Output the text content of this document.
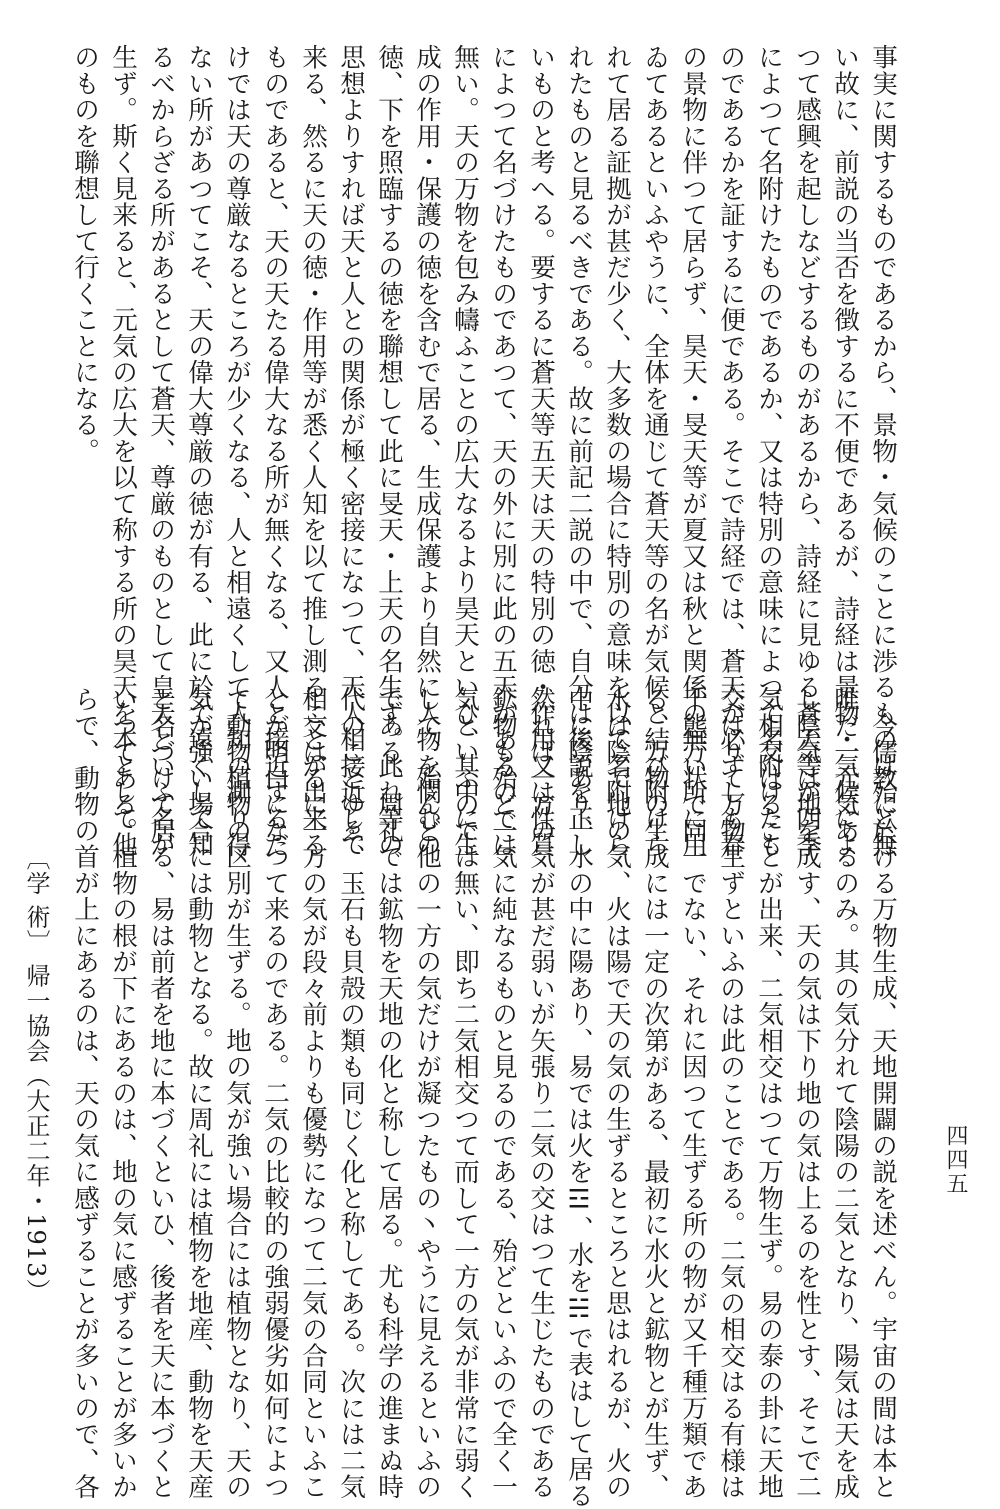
事実に関するものであるから、景物・気候のことに渉るものは殆ど無
い故に、前説の当否を徴するに不便であるが、詩経は景物・気候によ
つて感興を起しなどするものがあるから、詩経に見ゆる蒼天等が四季
によつて名附けたものであるか、又は特別の意味によつて名附けたも
のであるかを証するに便である。そこで詩経では、蒼天が必ずしも春
の景物に伴つて居らず、昊天・旻天等が夏又は秋と関係の無い所に用
ゐてあるといふやうに、全体を通じて蒼天等の名が気候と結び附けら
れて居る証拠が甚だ少く、大多数の場合に特別の意味を以て名附けら
れたものと見るべきである。故に前記二説の中で、自分は後説を正し
いものと考へる。要するに蒼天等五天は天の特別の徳・作用又は性質
によつて名づけたものであつて、天の外に別に此の五天があるのでは
無い。天の万物を包み幬ふことの広大なるより昊天といひ、其中に生
成の作用・保護の徳を含むで居る、生成保護より自然に人物を憫むの
徳、下を照臨するの徳を聯想して此に旻天・上天の名生ず。此れ等の
思想よりすれば天と人との関係が極く密接になつて、天人相接近して
来る、然るに天の徳・作用等が悉く人知を以て推し測ることが出来る
ものであると、天の天たる偉大なる所が無くなる、又人と接近するだ
けでは天の尊厳なるところが少くなる、人と相遠くして人知の測り得
ない所があつてこそ、天の偉大尊厳の徳が有る、此に於て遠くして知
るべからざる所があるとして蒼天、尊厳のものとして皇天といふ名が
生ず。斯く見来ると、元気の広大を以て称する所の昊天を本として他
のものを聯想して行くことになる。
　今儒教に於ける万物生成、天地開闢の説を述べん。宇宙の間は本と
唯だ一元気あるのみ。其の気分れて陰陽の二気となり、陽気は天を成
し陰気は地を成す、天の気は下り地の気は上るのを性とす、そこで二
気相交はることが出来、二気相交はつて万物生ず。易の泰の卦に天地
交はりて万物生ずといふのは此のことである。二気の相交はる有様は
千態万状で同一でない、それに因つて生ずる所の物が又千種万類であ
る、万物の生成には一定の次第がある、最初に水火と鉱物とが生ず、
水は陰で地の気、火は陽で天の気の生ずるところと思はれるが、火の
中に陰あり、水の中に陽あり、易では火を☲、水を☵で表はして居る
然れば一方の気が甚だ弱いが矢張り二気の交はつて生じたものである
鉱物も殆ど一気に純なるものと見るのである、殆どといふので全く一
気といふのでは無い、即ち二気相交つて而して一方の気が非常に弱く
して、殆んど他の一方の気だけが凝つたもの丶やうに見えるといふの
である、周礼では鉱物を天地の化と称して居る。尤も科学の進まぬ時
代のことゆゑ、玉石も貝殻の類も同じく化と称してある。次には二気
相交はるに一方の気が段々前よりも優勢になつて二気の合同といふこ
とが明白になつて来るのである。二気の比較的の強弱優劣如何によつ
て動物植物の区別が生ずる。地の気が強い場合には植物となり、天の
気が強い場合には動物となる。故に周礼には植物を地産、動物を天産
と名づけて居る、易は前者を地に本づくといひ、後者を天に本づくと
いつてある。植物の根が下にあるのは、地の気に感ずることが多いか
らで、動物の首が上にあるのは、天の気に感ずることが多いので、各
〔学 術〕 帰一協会（大正二年・1913）	四四五
